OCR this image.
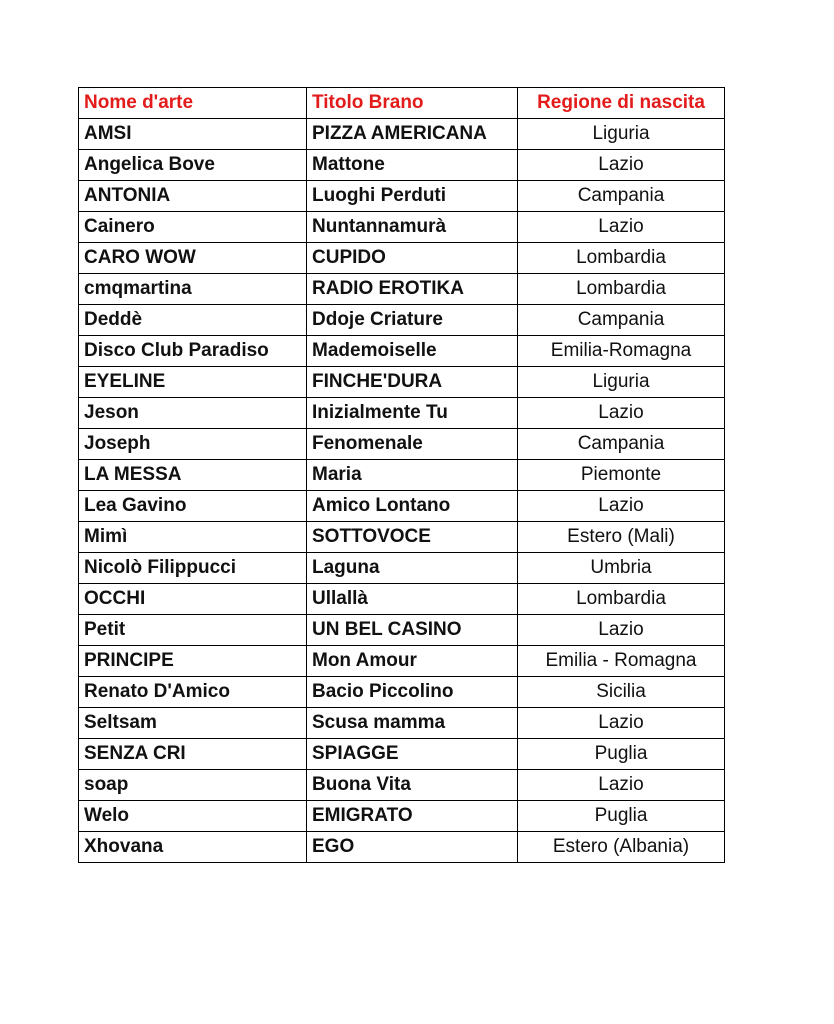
Nome d'arte	Titolo Brano	Regione di nascita
AMSI	PIZZA AMERICANA	Liguria
Angelica Bove	Mattone	Lazio
ANTONIA	Luoghi Perduti	Campania
Cainero	Nuntannamurà	Lazio
CARO WOW	CUPIDO	Lombardia
cmqmartina	RADIO EROTIKA	Lombardia
Deddè	Ddoje Criature	Campania
Disco Club Paradiso	Mademoiselle	Emilia-Romagna
EYELINE	FINCHE'DURA	Liguria
Jeson	Inizialmente Tu	Lazio
Joseph	Fenomenale	Campania
LA MESSA	Maria	Piemonte
Lea Gavino	Amico Lontano	Lazio
Mimì	SOTTOVOCE	Estero (Mali)
Nicolò Filippucci	Laguna	Umbria
OCCHI	Ullallà	Lombardia
Petit	UN BEL CASINO	Lazio
PRINCIPE	Mon Amour	Emilia - Romagna
Renato D'Amico	Bacio Piccolino	Sicilia
Seltsam	Scusa mamma	Lazio
SENZA CRI	SPIAGGE	Puglia
soap	Buona Vita	Lazio
Welo	EMIGRATO	Puglia
Xhovana	EGO	Estero (Albania)
